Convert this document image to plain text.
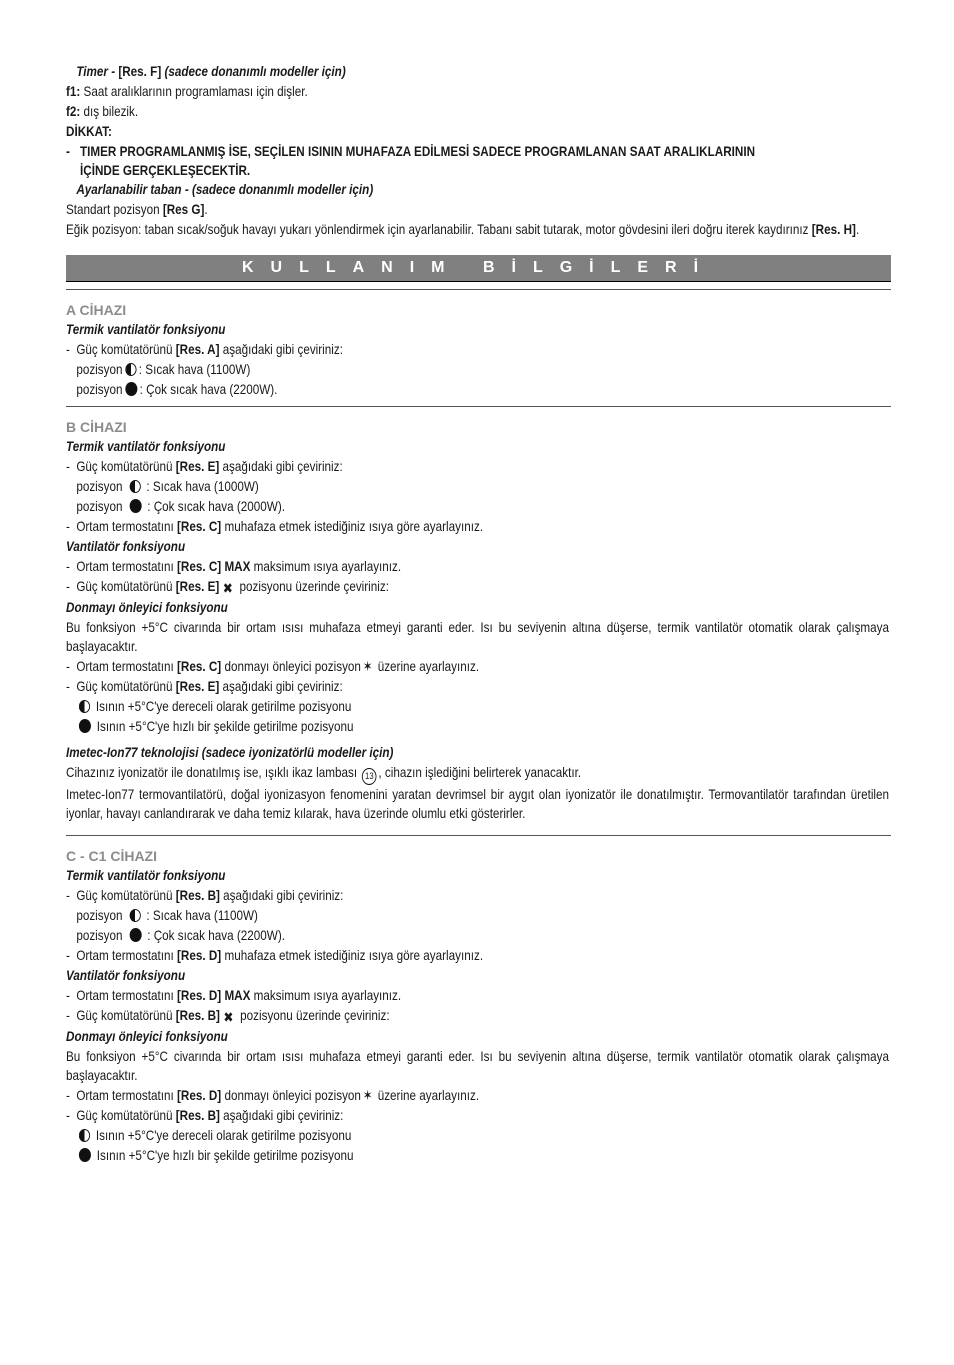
Timer - [Res. F] (sadece donanımlı modeller için)
f1: Saat aralıklarının programlaması için dişler.
f2: dış bilezik.
DİKKAT:
- TIMER PROGRAMLANMIŞ İSE, SEÇİLEN ISININ MUHAFAZA EDİLMESİ SADECE PROGRAMLANAN SAAT ARALIKLARININ
İÇİNDE GERÇEKLEŞECEKTİR.
Ayarlanabilir taban - (sadece donanımlı modeller için)
Standart pozisyon [Res G].
Eğik pozisyon: taban sıcak/soğuk havayı yukarı yönlendirmek için ayarlanabilir. Tabanı sabit tutarak, motor gövdesini ileri doğru iterek kaydırınız [Res. H].
KULLANIM BİLGİLERİ
A CİHAZI
Termik vantilatör fonksiyonu
- Güç komütatörünü [Res. A] aşağıdaki gibi çeviriniz:
pozisyon : Sıcak hava (1100W)
pozisyon : Çok sıcak hava (2200W).
B CİHAZI
Termik vantilatör fonksiyonu
- Güç komütatörünü [Res. E] aşağıdaki gibi çeviriniz:
pozisyon : Sıcak hava (1000W)
pozisyon : Çok sıcak hava (2000W).
- Ortam termostatını [Res. C] muhafaza etmek istediğiniz ısıya göre ayarlayınız.
Vantilatör fonksiyonu
- Ortam termostatını [Res. C] MAX maksimum ısıya ayarlayınız.
- Güç komütatörünü [Res. E] ✖ pozisyonu üzerinde çeviriniz:
Donmayı önleyici fonksiyonu
Bu fonksiyon +5°C civarında bir ortam ısısı muhafaza etmeyi garanti eder. Isı bu seviyenin altına düşerse, termik vantilatör otomatik olarak çalışmaya başlayacaktır.
- Ortam termostatını [Res. C] donmayı önleyici pozisyon ✶ üzerine ayarlayınız.
- Güç komütatörünü [Res. E] aşağıdaki gibi çeviriniz:
Isının +5°C'ye dereceli olarak getirilme pozisyonu
Isının +5°C'ye hızlı bir şekilde getirilme pozisyonu
Imetec-Ion77 teknolojisi (sadece iyonizatörlü modeller için)
Cihazınız iyonizatör ile donatılmış ise, ışıklı ikaz lambası 13 , cihazın işlediğini belirterek yanacaktır.
Imetec-Ion77 termovantilatörü, doğal iyonizasyon fenomenini yaratan devrimsel bir aygıt olan iyonizatör ile donatılmıştır. Termovantilatör tarafından üretilen iyonlar, havayı canlandırarak ve daha temiz kılarak, hava üzerinde olumlu etki gösterirler.
C - C1 CİHAZI
Termik vantilatör fonksiyonu
- Güç komütatörünü [Res. B] aşağıdaki gibi çeviriniz:
pozisyon : Sıcak hava (1100W)
pozisyon : Çok sıcak hava (2200W).
- Ortam termostatını [Res. D] muhafaza etmek istediğiniz ısıya göre ayarlayınız.
Vantilatör fonksiyonu
- Ortam termostatını [Res. D] MAX maksimum ısıya ayarlayınız.
- Güç komütatörünü [Res. B] ✖ pozisyonu üzerinde çeviriniz:
Donmayı önleyici fonksiyonu
Bu fonksiyon +5°C civarında bir ortam ısısı muhafaza etmeyi garanti eder. Isı bu seviyenin altına düşerse, termik vantilatör otomatik olarak çalışmaya başlayacaktır.
- Ortam termostatını [Res. D] donmayı önleyici pozisyon ✶ üzerine ayarlayınız.
- Güç komütatörünü [Res. B] aşağıdaki gibi çeviriniz:
Isının +5°C'ye dereceli olarak getirilme pozisyonu
Isının +5°C'ye hızlı bir şekilde getirilme pozisyonu
